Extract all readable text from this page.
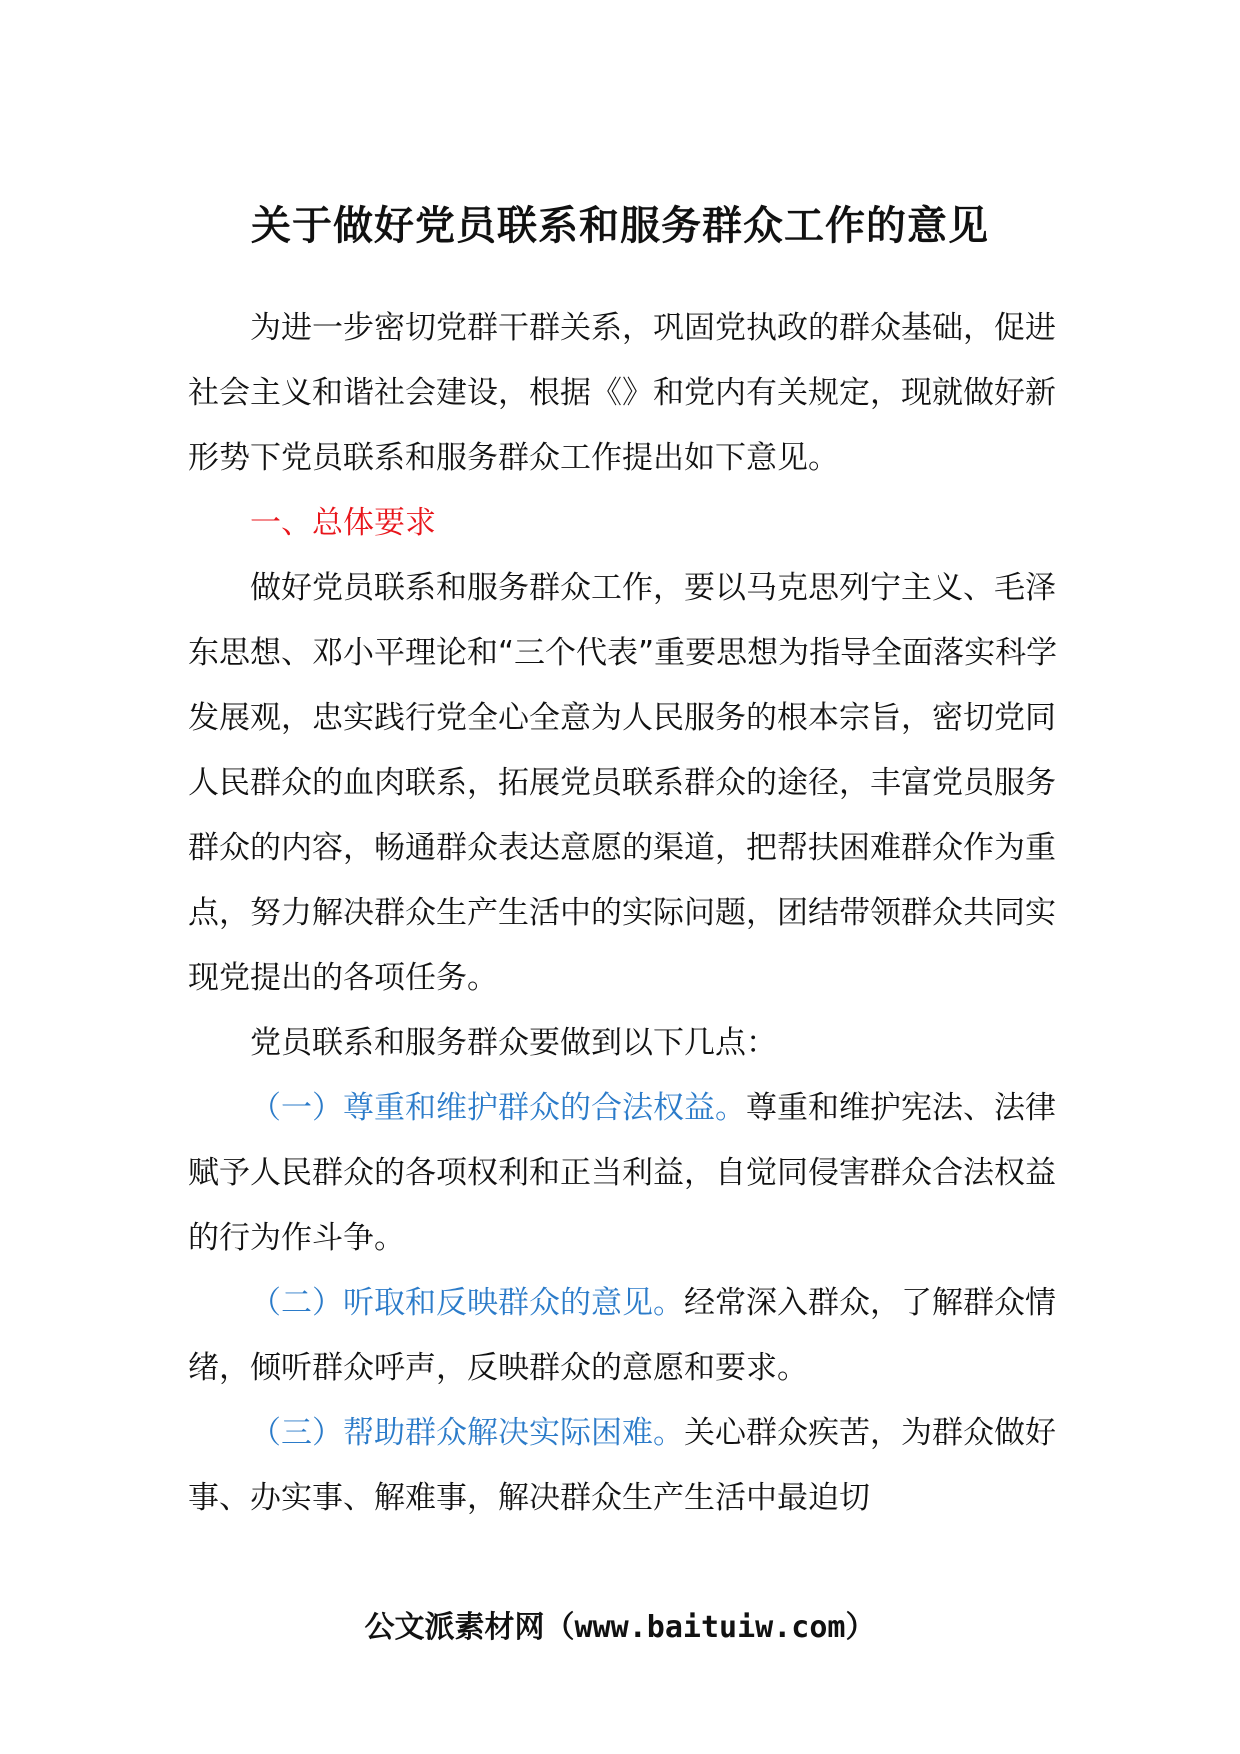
关于做好党员联系和服务群众工作的意见

为进一步密切党群干群关系，巩固党执政的群众基础，促进社会主义和谐社会建设，根据《》和党内有关规定，现就做好新形势下党员联系和服务群众工作提出如下意见。

一、总体要求

做好党员联系和服务群众工作，要以马克思列宁主义、毛泽东思想、邓小平理论和“三个代表”重要思想为指导全面落实科学发展观，忠实践行党全心全意为人民服务的根本宗旨，密切党同人民群众的血肉联系，拓展党员联系群众的途径，丰富党员服务群众的内容，畅通群众表达意愿的渠道，把帮扶困难群众作为重点，努力解决群众生产生活中的实际问题，团结带领群众共同实现党提出的各项任务。

党员联系和服务群众要做到以下几点：

（一）尊重和维护群众的合法权益。尊重和维护宪法、法律赋予人民群众的各项权利和正当利益，自觉同侵害群众合法权益的行为作斗争。

（二）听取和反映群众的意见。经常深入群众，了解群众情绪，倾听群众呼声，反映群众的意愿和要求。

（三）帮助群众解决实际困难。关心群众疾苦，为群众做好事、办实事、解难事，解决群众生产生活中最迫切

公文派素材网（www.baituiw.com）
